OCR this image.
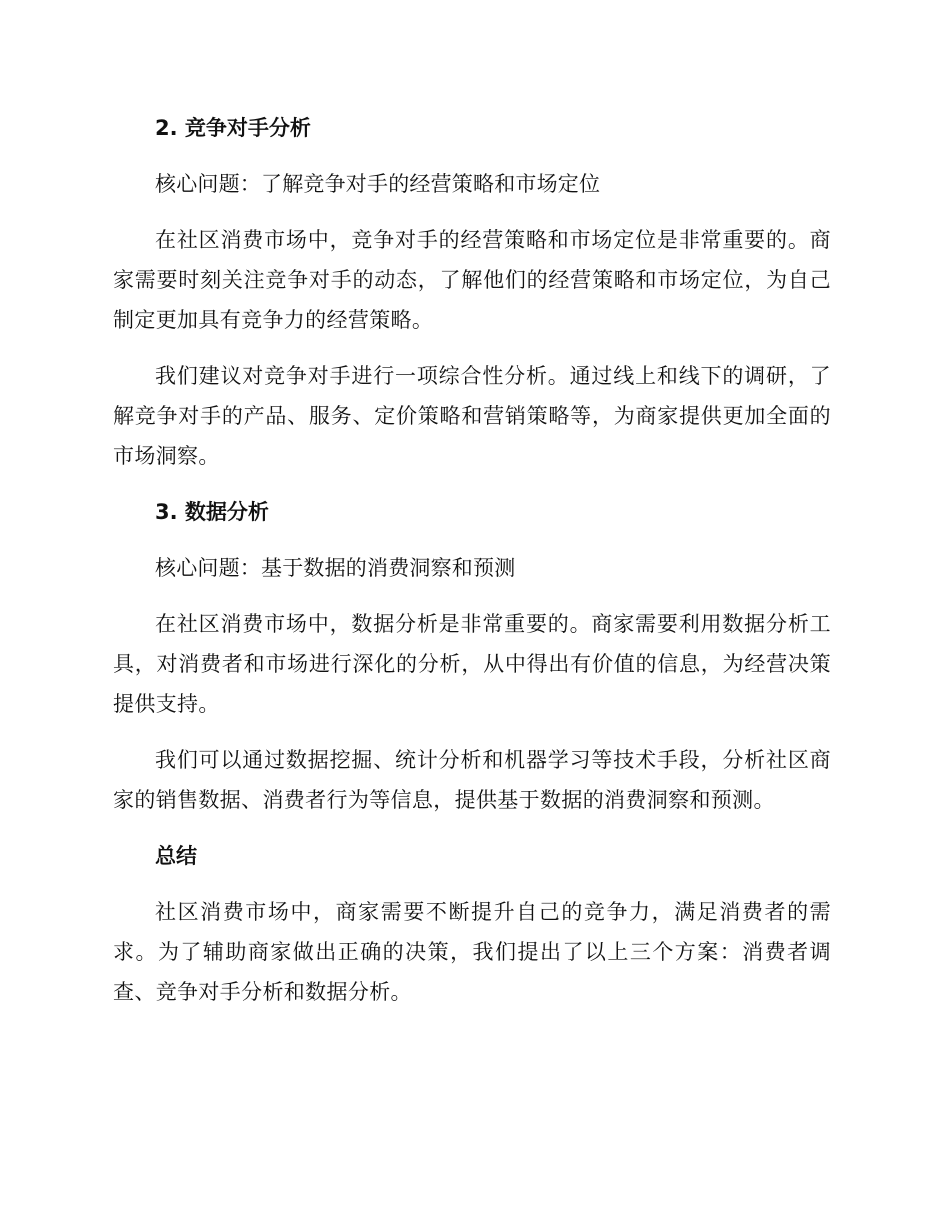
2. 竞争对手分析

核心问题：了解竞争对手的经营策略和市场定位

在社区消费市场中，竞争对手的经营策略和市场定位是非常重要的。商家需要时刻关注竞争对手的动态，了解他们的经营策略和市场定位，为自己制定更加具有竞争力的经营策略。

我们建议对竞争对手进行一项综合性分析。通过线上和线下的调研，了解竞争对手的产品、服务、定价策略和营销策略等，为商家提供更加全面的市场洞察。

3. 数据分析

核心问题：基于数据的消费洞察和预测

在社区消费市场中，数据分析是非常重要的。商家需要利用数据分析工具，对消费者和市场进行深化的分析，从中得出有价值的信息，为经营决策提供支持。

我们可以通过数据挖掘、统计分析和机器学习等技术手段，分析社区商家的销售数据、消费者行为等信息，提供基于数据的消费洞察和预测。

总结

社区消费市场中，商家需要不断提升自己的竞争力，满足消费者的需求。为了辅助商家做出正确的决策，我们提出了以上三个方案：消费者调查、竞争对手分析和数据分析。
